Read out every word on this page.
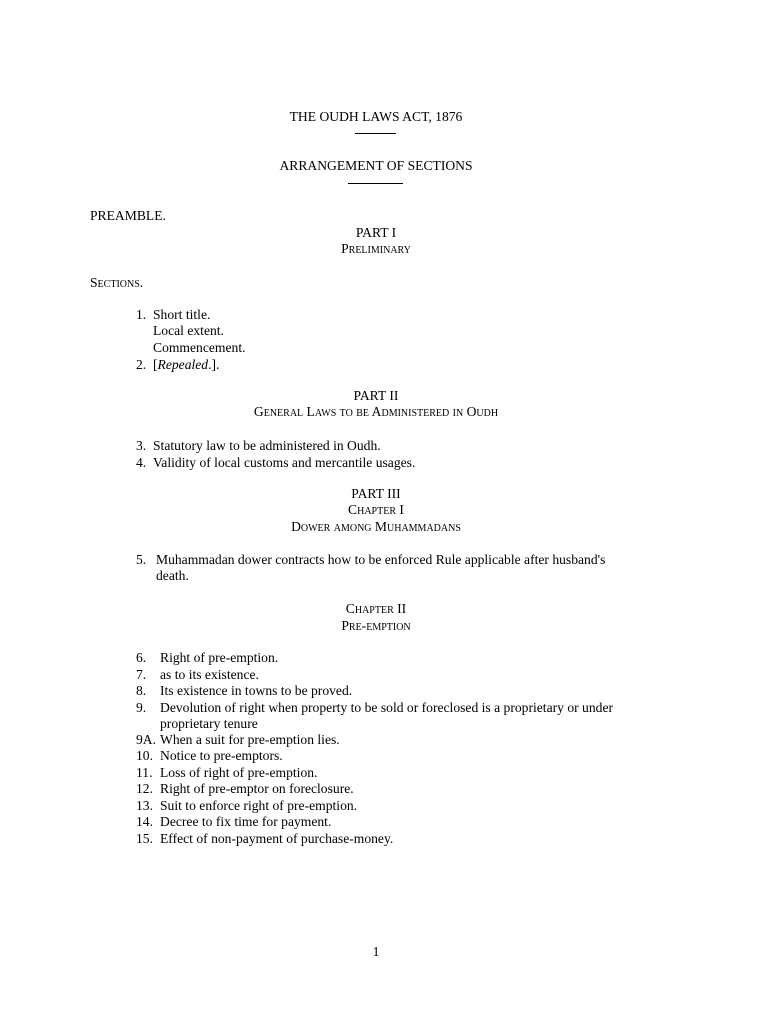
THE OUDH LAWS ACT, 1876
ARRANGEMENT OF SECTIONS
PREAMBLE.
PART I
Preliminary
Sections.
1. Short title.
Local extent.
Commencement.
2. [Repealed.].
PART II
General Laws to be Administered in Oudh
3. Statutory law to be administered in Oudh.
4. Validity of local customs and mercantile usages.
PART III
Chapter I
Dower among Muhammadans
5. Muhammadan dower contracts how to be enforced Rule applicable after husband's
death.
Chapter II
Pre-emption
6. Right of pre-emption.
7. as to its existence.
8. Its existence in towns to be proved.
9. Devolution of right when property to be sold or foreclosed is a proprietary or under
proprietary tenure
9A. When a suit for pre-emption lies.
10. Notice to pre-emptors.
11. Loss of right of pre-emption.
12. Right of pre-emptor on foreclosure.
13. Suit to enforce right of pre-emption.
14. Decree to fix time for payment.
15. Effect of non-payment of purchase-money.
1
